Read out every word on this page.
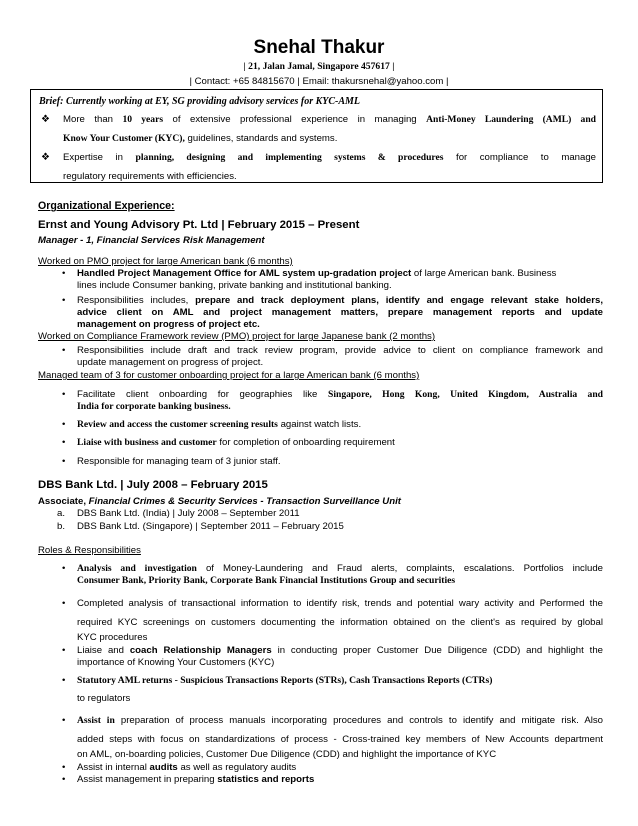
Snehal Thakur
| 21, Jalan Jamal, Singapore 457617 |
| Contact: +65 84815670 | Email: thakursnehal@yahoo.com |
Brief: Currently working at EY, SG providing advisory services for KYC-AML
❖ More than 10 years of extensive professional experience in managing Anti-Money Laundering (AML) and
Know Your Customer (KYC), guidelines, standards and systems.
❖ Expertise in planning, designing and implementing systems & procedures for compliance to manage
regulatory requirements with efficiencies.
Organizational Experience:
Ernst and Young Advisory Pt. Ltd | February 2015 – Present
Manager - 1, Financial Services Risk Management
Worked on PMO project for large American bank (6 months)
• Handled Project Management Office for AML system up-gradation project of large American bank. Business
lines include Consumer banking, private banking and institutional banking.
• Responsibilities includes, prepare and track deployment plans, identify and engage relevant stake holders,
advice client on AML and project management matters, prepare management reports and update
management on progress of project etc.
Worked on Compliance Framework review (PMO) project for large Japanese bank (2 months)
• Responsibilities include draft and track review program, provide advice to client on compliance framework and
update management on progress of project.
Managed team of 3 for customer onboarding project for a large American bank (6 months)
• Facilitate client onboarding for geographies like Singapore, Hong Kong, United Kingdom, Australia and
India for corporate banking business.
• Review and access the customer screening results against watch lists.
• Liaise with business and customer for completion of onboarding requirement
• Responsible for managing team of 3 junior staff.
DBS Bank Ltd. | July 2008 – February 2015
Associate, Financial Crimes & Security Services - Transaction Surveillance Unit
a. DBS Bank Ltd. (India) | July 2008 – September 2011
b. DBS Bank Ltd. (Singapore) | September 2011 – February 2015
Roles & Responsibilities
• Analysis and investigation of Money-Laundering and Fraud alerts, complaints, escalations. Portfolios include
Consumer Bank, Priority Bank, Corporate Bank Financial Institutions Group and securities
• Completed analysis of transactional information to identify risk, trends and potential wary activity and Performed the
required KYC screenings on customers documenting the information obtained on the client's as required by global
KYC procedures
• Liaise and coach Relationship Managers in conducting proper Customer Due Diligence (CDD) and highlight the
importance of Knowing Your Customers (KYC)
• Statutory AML returns - Suspicious Transactions Reports (STRs), Cash Transactions Reports (CTRs)
to regulators
• Assist in preparation of process manuals incorporating procedures and controls to identify and mitigate risk. Also
added steps with focus on standardizations of process - Cross-trained key members of New Accounts department
on AML, on-boarding policies, Customer Due Diligence (CDD) and highlight the importance of KYC
• Assist in internal audits as well as regulatory audits
• Assist management in preparing statistics and reports
